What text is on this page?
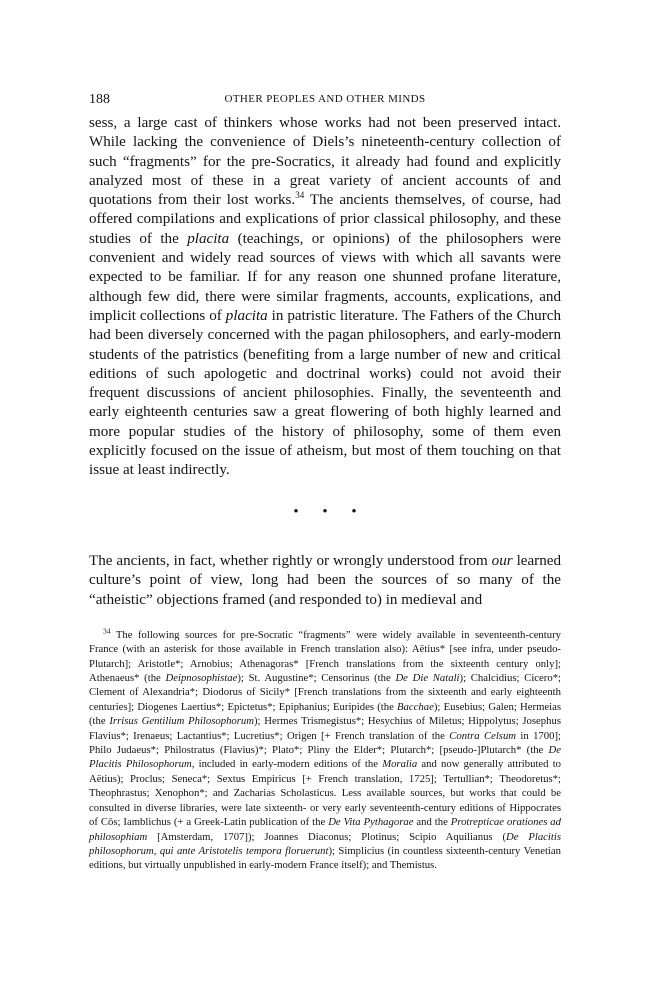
188	OTHER PEOPLES AND OTHER MINDS

sess, a large cast of thinkers whose works had not been preserved intact. While lacking the convenience of Diels’s nineteenth-century collection of such “fragments” for the pre-Socratics, it already had found and explicitly analyzed most of these in a great variety of ancient accounts of and quotations from their lost works.$^{34}$ The ancients themselves, of course, had offered compilations and explications of prior classical philosophy, and these studies of the placita (teachings, or opinions) of the philosophers were convenient and widely read sources of views with which all savants were expected to be familiar. If for any reason one shunned profane literature, although few did, there were similar fragments, accounts, explications, and implicit collections of placita in patristic literature. The Fathers of the Church had been diversely concerned with the pagan philosophers, and early-modern students of the patristics (benefiting from a large number of new and critical editions of such apologetic and doctrinal works) could not avoid their frequent discussions of ancient philosophies. Finally, the seventeenth and early eighteenth centuries saw a great flowering of both highly learned and more popular studies of the history of philosophy, some of them even explicitly focused on the issue of atheism, but most of them touching on that issue at least indirectly.

• • •

The ancients, in fact, whether rightly or wrongly understood from our learned culture’s point of view, long had been the sources of so many of the “atheistic” objections framed (and responded to) in medieval and

$^{34}$ The following sources for pre-Socratic “fragments” were widely available in seventeenth-century France (with an asterisk for those available in French translation also): Aëtius* [see infra, under pseudo-Plutarch]; Aristotle*; Arnobius; Athenagoras* [French translations from the sixteenth century only]; Athenaeus* (the Deipnosophistae); St. Augustine*; Censorinus (the De Die Natali); Chalcidius; Cicero*; Clement of Alexandria*; Diodorus of Sicily* [French translations from the sixteenth and early eighteenth centuries]; Diogenes Laertius*; Epictetus*; Epiphanius; Euripides (the Bacchae); Eusebius; Galen; Hermeias (the Irrisus Gentilium Philosophorum); Hermes Trismegistus*; Hesychius of Miletus; Hippolytus; Josephus Flavius*; Irenaeus; Lactantius*; Lucretius*; Origen [+ French translation of the Contra Celsum in 1700]; Philo Judaeus*; Philostratus (Flavius)*; Plato*; Pliny the Elder*; Plutarch*; [pseudo-]Plutarch* (the De Placitis Philosophorum, included in early-modern editions of the Moralia and now generally attributed to Aëtius); Proclus; Seneca*; Sextus Empiricus [+ French translation, 1725]; Tertullian*; Theodoretus*; Theophrastus; Xenophon*; and Zacharias Scholasticus. Less available sources, but works that could be consulted in diverse libraries, were late sixteenth- or very early seventeenth-century editions of Hippocrates of Cōs; Iamblichus (+ a Greek-Latin publication of the De Vita Pythagorae and the Protrepticae orationes ad philosophiam [Amsterdam, 1707]); Joannes Diaconus; Plotinus; Scipio Aquilianus (De Placitis philosophorum, qui ante Aristotelis tempora floruerunt); Simplicius (in countless sixteenth-century Venetian editions, but virtually unpublished in early-modern France itself); and Themistus.
